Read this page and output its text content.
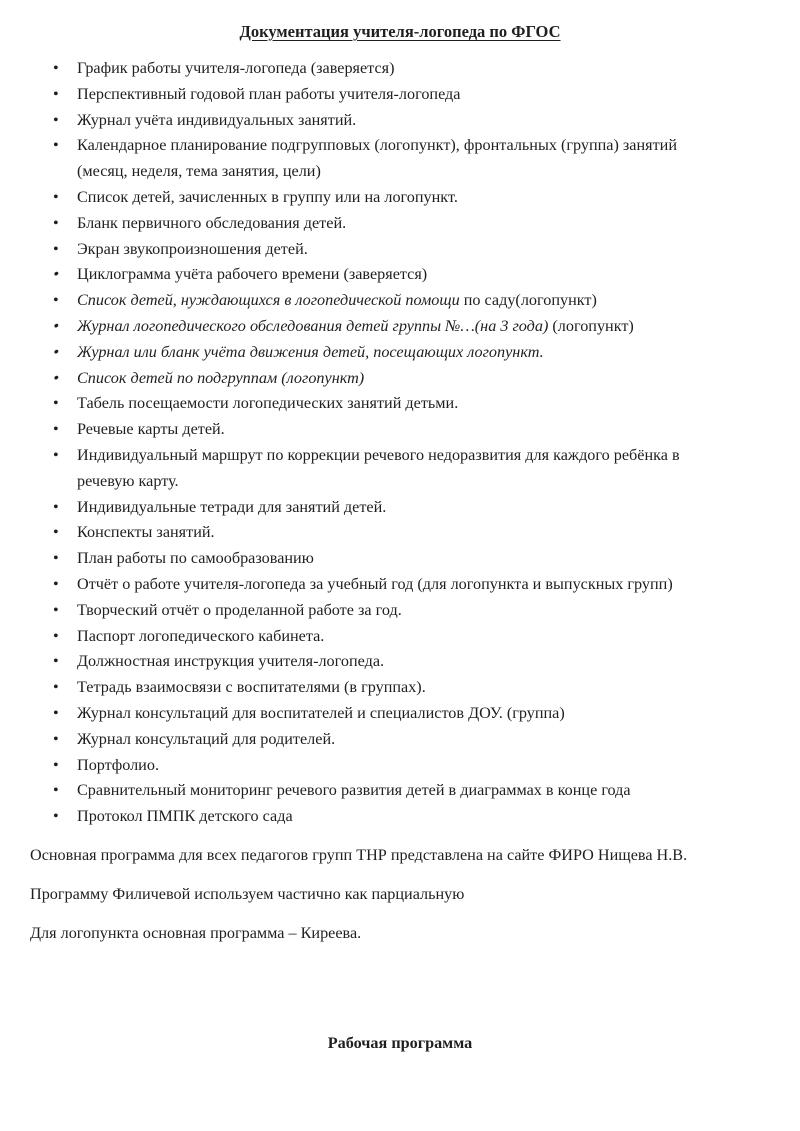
Документация учителя-логопеда по ФГОС
• График работы учителя-логопеда (заверяется)
• Перспективный годовой план работы учителя-логопеда
• Журнал учёта индивидуальных занятий.
• Календарное планирование подгрупповых (логопункт), фронтальных (группа) занятий (месяц, неделя, тема занятия, цели)
• Список детей, зачисленных в группу или на логопункт.
• Бланк первичного обследования детей.
• Экран звукопроизношения детей.
• Циклограмма учёта рабочего времени (заверяется)
• Список детей, нуждающихся в логопедической помощи по саду(логопункт)
• Журнал логопедического обследования детей группы №…(на 3 года) (логопункт)
• Журнал или бланк учёта движения детей, посещающих логопункт.
• Список детей по подгруппам (логопункт)
• Табель посещаемости логопедических занятий детьми.
• Речевые карты детей.
• Индивидуальный маршрут по коррекции речевого недоразвития для каждого ребёнка в речевую карту.
• Индивидуальные тетради для занятий детей.
• Конспекты занятий.
• План работы по самообразованию
• Отчёт о работе учителя-логопеда за учебный год (для логопункта и выпускных групп)
• Творческий отчёт о проделанной работе за год.
• Паспорт логопедического кабинета.
• Должностная инструкция учителя-логопеда.
• Тетрадь взаимосвязи с воспитателями (в группах).
• Журнал консультаций для воспитателей и специалистов ДОУ. (группа)
• Журнал консультаций для родителей.
• Портфолио.
• Сравнительный мониторинг речевого развития детей в диаграммах в конце года
• Протокол ПМПК детского сада

Основная программа для всех педагогов групп ТНР представлена на сайте ФИРО Нищева Н.В.

Программу Филичевой используем частично как парциальную

Для логопункта основная программа – Киреева.

Рабочая программа
